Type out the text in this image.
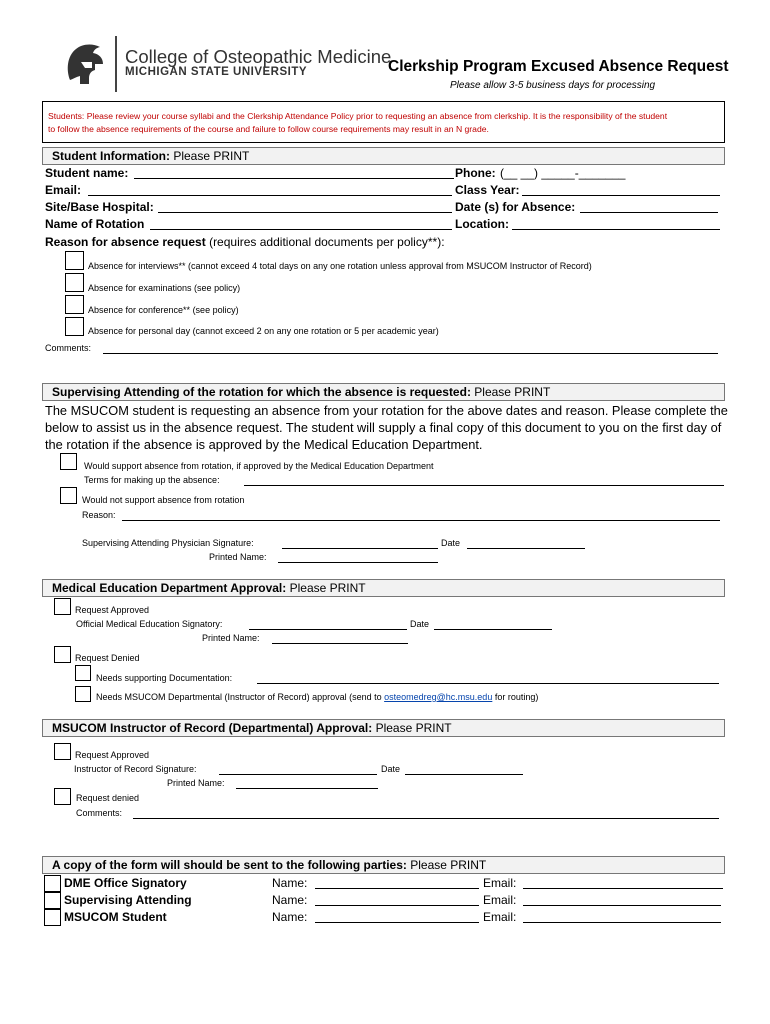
College of Osteopathic Medicine
MICHIGAN STATE UNIVERSITY	Clerkship Program Excused Absence Request
Please allow 3-5 business days for processing
Students: Please review your course syllabi and the Clerkship Attendance Policy prior to requesting an absence from clerkship. It is the responsibility of the student
to follow the absence requirements of the course and failure to follow course requirements may result in an N grade.
Student Information: Please PRINT
Student name:	Phone: (__ __) _____-_______
Email:	Class Year:
Site/Base Hospital:	Date (s) for Absence:
Name of Rotation	Location:
Reason for absence request (requires additional documents per policy**):
Absence for interviews** (cannot exceed 4 total days on any one rotation unless approval from MSUCOM Instructor of Record)
Absence for examinations (see policy)
Absence for conference** (see policy)
Absence for personal day (cannot exceed 2 on any one rotation or 5 per academic year)
Comments:
Supervising Attending of the rotation for which the absence is requested: Please PRINT
The MSUCOM student is requesting an absence from your rotation for the above dates and reason. Please complete the
below to assist us in the absence request. The student will supply a final copy of this document to you on the first day of
the rotation if the absence is approved by the Medical Education Department.
Would support absence from rotation, if approved by the Medical Education Department
Terms for making up the absence:
Would not support absence from rotation
Reason:
Supervising Attending Physician Signature:	Date
Printed Name:
Medical Education Department Approval: Please PRINT
Request Approved
Official Medical Education Signatory:	Date
Printed Name:
Request Denied
Needs supporting Documentation:
Needs MSUCOM Departmental (Instructor of Record) approval (send to osteomedreg@hc.msu.edu for routing)
MSUCOM Instructor of Record (Departmental) Approval: Please PRINT
Request Approved
Instructor of Record Signature:	Date
Printed Name:
Request denied
Comments:
A copy of the form will should be sent to the following parties: Please PRINT
DME Office Signatory	Name:	Email:
Supervising Attending	Name:	Email:
MSUCOM Student	Name:	Email:
